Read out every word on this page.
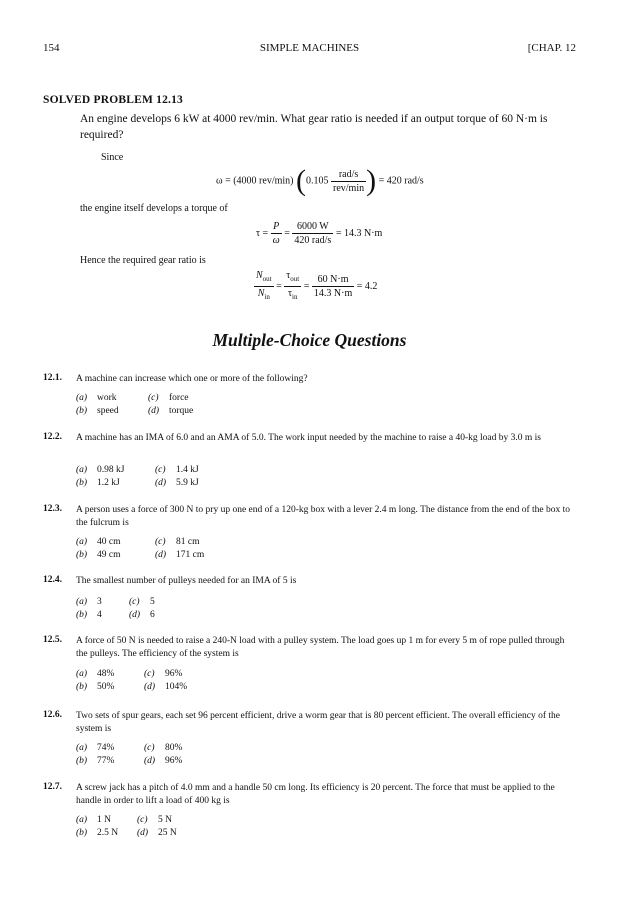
154	SIMPLE MACHINES	[CHAP. 12
SOLVED PROBLEM 12.13
An engine develops 6 kW at 4000 rev/min. What gear ratio is needed if an output torque of 60 N·m is required?
Since
ω = (4000 rev/min) ($0.105 \frac{\text{rad/s}}{\text{rev/min}}$ ) = 420 rad/s
the engine itself develops a torque of
$\tau = \frac{P}{\omega} = \frac{6000 W}{\text{420 rad/s}} = 14.3$ N·m
Hence the required gear ratio is
$\frac{N_{out}}{N_{in}} = \frac{\tau_{out}}{\tau_{in}} = \frac{60 N\cdot m}{14.3 N\cdot m} = 4.2$
Multiple-Choice Questions
12.1. A machine can increase which one or more of the following?
(a) work
(b) speed
(c) force
(d) torque
12.2. A machine has an IMA of 6.0 and an AMA of 5.0. The work input needed by the machine to raise a 40-kg load by 3.0 m is
(a) 0.98 kJ
(b) 1.2 kJ
(c) 1.4 kJ
(d) 5.9 kJ
12.3. A person uses a force of 300 N to pry up one end of a 120-kg box with a lever 2.4 m long. The distance from the end of the box to the fulcrum is
(a) 40 cm
(b) 49 cm
(c) 81 cm
(d) 171 cm
12.4. The smallest number of pulleys needed for an IMA of 5 is
(a) 3
(b) 4
(c) 5
(d) 6
12.5. A force of 50 N is needed to raise a 240-N load with a pulley system. The load goes up 1 m for every 5 m of rope pulled through the pulleys. The efficiency of the system is
(a) 48%
(b) 50%
(c) 96%
(d) 104%
12.6. Two sets of spur gears, each set 96 percent efficient, drive a worm gear that is 80 percent efficient. The overall efficiency of the system is
(a) 74%
(b) 77%
(c) 80%
(d) 96%
12.7. A screw jack has a pitch of 4.0 mm and a handle 50 cm long. Its efficiency is 20 percent. The force that must be applied to the handle in order to lift a load of 400 kg is
(a) 1 N
(b) 2.5 N
(c) 5 N
(d) 25 N
